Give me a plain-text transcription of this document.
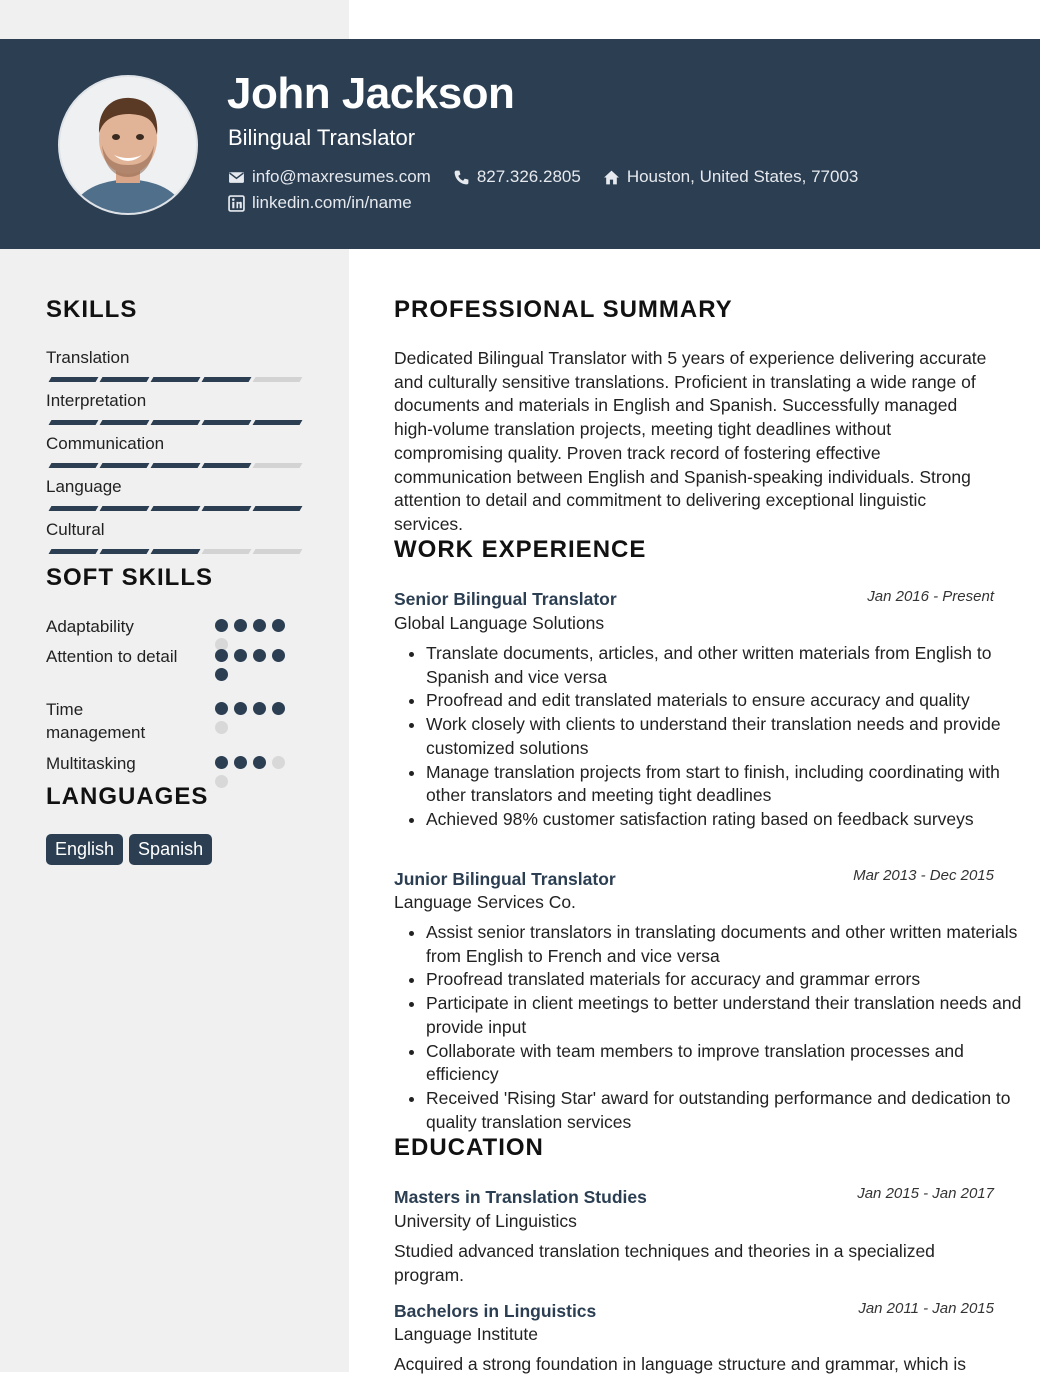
John Jackson
Bilingual Translator
info@maxresumes.com	827.326.2805	Houston, United States, 77003
linkedin.com/in/name
SKILLS
Translation
Interpretation
Communication
Language
Cultural
SOFT SKILLS
Adaptability
Attention to detail
Time management
Multitasking
LANGUAGES
English	Spanish
PROFESSIONAL SUMMARY

Dedicated Bilingual Translator with 5 years of experience delivering accurate and culturally sensitive translations. Proficient in translating a wide range of documents and materials in English and Spanish. Successfully managed high-volume translation projects, meeting tight deadlines without compromising quality. Proven track record of fostering effective communication between English and Spanish-speaking individuals. Strong attention to detail and commitment to delivering exceptional linguistic services.

WORK EXPERIENCE
Senior Bilingual Translator	Jan 2016 - Present
Global Language Solutions
• Translate documents, articles, and other written materials from English to Spanish and vice versa
• Proofread and edit translated materials to ensure accuracy and quality
• Work closely with clients to understand their translation needs and provide customized solutions
• Manage translation projects from start to finish, including coordinating with other translators and meeting tight deadlines
• Achieved 98% customer satisfaction rating based on feedback surveys
Junior Bilingual Translator	Mar 2013 - Dec 2015
Language Services Co.
• Assist senior translators in translating documents and other written materials from English to French and vice versa
• Proofread translated materials for accuracy and grammar errors
• Participate in client meetings to better understand their translation needs and provide input
• Collaborate with team members to improve translation processes and efficiency
• Received 'Rising Star' award for outstanding performance and dedication to quality translation services
EDUCATION
Masters in Translation Studies	Jan 2015 - Jan 2017
University of Linguistics

Studied advanced translation techniques and theories in a specialized program.

Bachelors in Linguistics	Jan 2011 - Jan 2015
Language Institute

Acquired a strong foundation in language structure and grammar, which is
